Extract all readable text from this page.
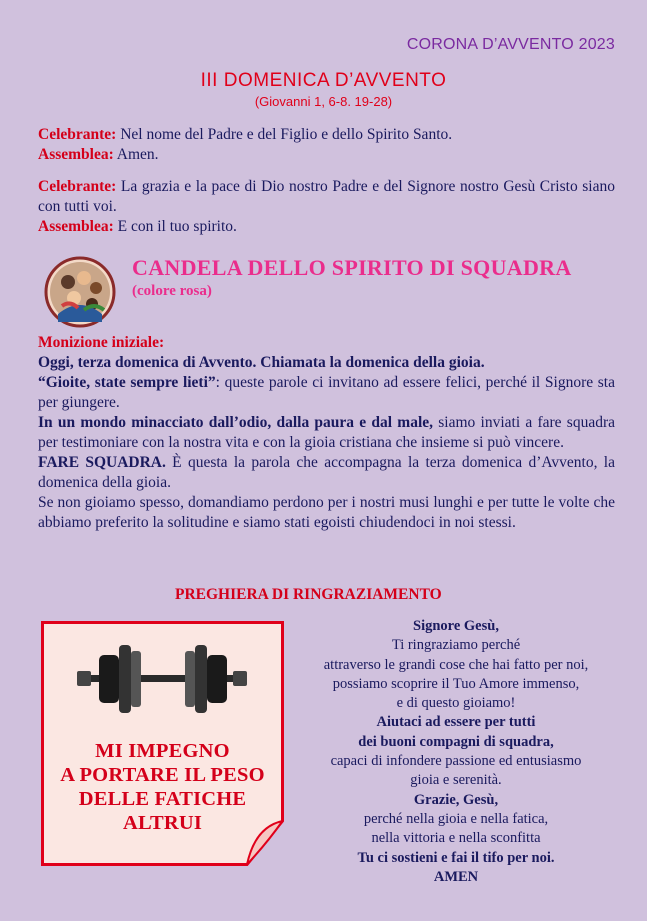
CORONA D’AVVENTO 2023
III DOMENICA D’AVVENTO
(Giovanni 1, 6-8. 19-28)
Celebrante: Nel nome del Padre e del Figlio e dello Spirito Santo.
Assemblea: Amen.
Celebrante: La grazia e la pace di Dio nostro Padre e del Signore nostro Gesù Cristo siano con tutti voi.
Assemblea: E con il tuo spirito.
CANDELA DELLO SPIRITO DI SQUADRA
(colore rosa)
Monizione iniziale:
Oggi, terza domenica di Avvento. Chiamata la domenica della gioia.
“Gioite, state sempre lieti”: queste parole ci invitano ad essere felici, perché il Signore sta per giungere.
In un mondo minacciato dall’odio, dalla paura e dal male, siamo inviati a fare squadra per testimoniare con la nostra vita e con la gioia cristiana che insieme si può vincere.
FARE SQUADRA. È questa la parola che accompagna la terza domenica d’Avvento, la domenica della gioia.
Se non gioiamo spesso, domandiamo perdono per i nostri musi lunghi e per tutte le volte che abbiamo preferito la solitudine e siamo stati egoisti chiudendoci in noi stessi.
PREGHIERA DI RINGRAZIAMENTO
MI IMPEGNO
A PORTARE IL PESO
DELLE FATICHE
ALTRUI
Signore Gesù,
Ti ringraziamo perché
attraverso le grandi cose che hai fatto per noi,
possiamo scoprire il Tuo Amore immenso,
e di questo gioiamo!
Aiutaci ad essere per tutti
dei buoni compagni di squadra,
capaci di infondere passione ed entusiasmo
gioia e serenità.
Grazie, Gesù,
perché nella gioia e nella fatica,
nella vittoria e nella sconfitta
Tu ci sostieni e fai il tifo per noi.
AMEN
